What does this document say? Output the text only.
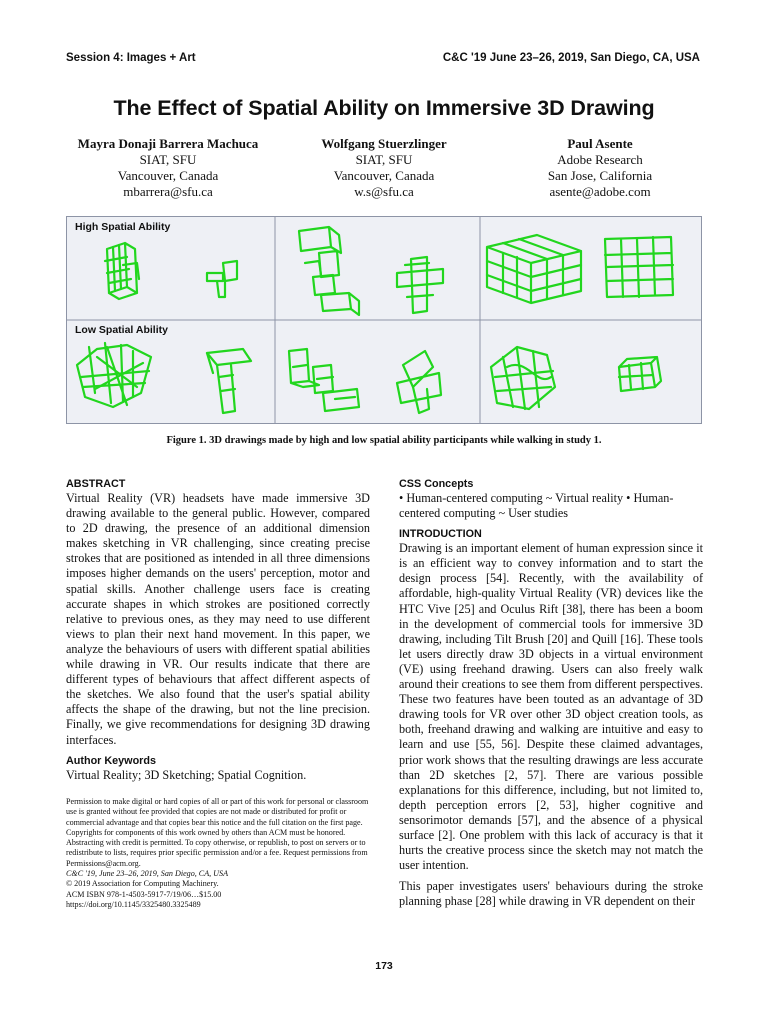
Session 4: Images + Art	C&C '19 June 23–26, 2019, San Diego, CA, USA
The Effect of Spatial Ability on Immersive 3D Drawing
Mayra Donaji Barrera Machuca
SIAT, SFU
Vancouver, Canada
mbarrera@sfu.ca
Wolfgang Stuerzlinger
SIAT, SFU
Vancouver, Canada
w.s@sfu.ca
Paul Asente
Adobe Research
San Jose, California
asente@adobe.com
High Spatial Ability
Low Spatial Ability
Figure 1. 3D drawings made by high and low spatial ability participants while walking in study 1.
ABSTRACT

Virtual Reality (VR) headsets have made immersive 3D drawing available to the general public. However, compared to 2D drawing, the presence of an additional dimension makes sketching in VR challenging, since creating precise strokes that are positioned as intended in all three dimensions imposes higher demands on the users' perception, motor and spatial skills. Another challenge users face is creating accurate shapes in which strokes are positioned correctly relative to previous ones, as they may need to use different views to plan their next hand movement. In this paper, we analyze the behaviours of users with different spatial abilities while drawing in VR. Our results indicate that there are different types of behaviours that affect different aspects of the sketches. We also found that the user's spatial ability affects the shape of the drawing, but not the line precision. Finally, we give recommendations for designing 3D drawing interfaces.

Author Keywords

Virtual Reality; 3D Sketching; Spatial Cognition.

Permission to make digital or hard copies of all or part of this work for personal or classroom use is granted without fee provided that copies are not made or distributed for profit or commercial advantage and that copies bear this notice and the full citation on the first page. Copyrights for components of this work owned by others than ACM must be honored. Abstracting with credit is permitted. To copy otherwise, or republish, to post on servers or to redistribute to lists, requires prior specific permission and/or a fee. Request permissions from Permissions@acm.org.

C&C '19, June 23–26, 2019, San Diego, CA, USA

© 2019 Association for Computing Machinery.

ACM ISBN 978-1-4503-5917-7/19/06…$15.00

https://doi.org/10.1145/3325480.3325489

CSS Concepts

• Human-centered computing ~ Virtual reality • Human-centered computing ~ User studies

INTRODUCTION

Drawing is an important element of human expression since it is an efficient way to convey information and to start the design process [54]. Recently, with the availability of affordable, high-quality Virtual Reality (VR) devices like the HTC Vive [25] and Oculus Rift [38], there has been a boom in the development of commercial tools for immersive 3D drawing, including Tilt Brush [20] and Quill [16]. These tools let users directly draw 3D objects in a virtual environment (VE) using freehand drawing. Users can also freely walk around their creations to see them from different perspectives. These two features have been touted as an advantage of 3D drawing tools for VR over other 3D object creation tools, as both, freehand drawing and walking are intuitive and easy to learn and use [55, 56]. Despite these claimed advantages, prior work shows that the resulting drawings are less accurate than 2D sketches [2, 57]. There are various possible explanations for this difference, including, but not limited to, depth perception errors [2, 53], higher cognitive and sensorimotor demands [57], and the absence of a physical surface [2]. One problem with this lack of accuracy is that it hurts the creative process since the sketch may not match the user intention.

This paper investigates users' behaviours during the stroke planning phase [28] while drawing in VR dependent on their

173
